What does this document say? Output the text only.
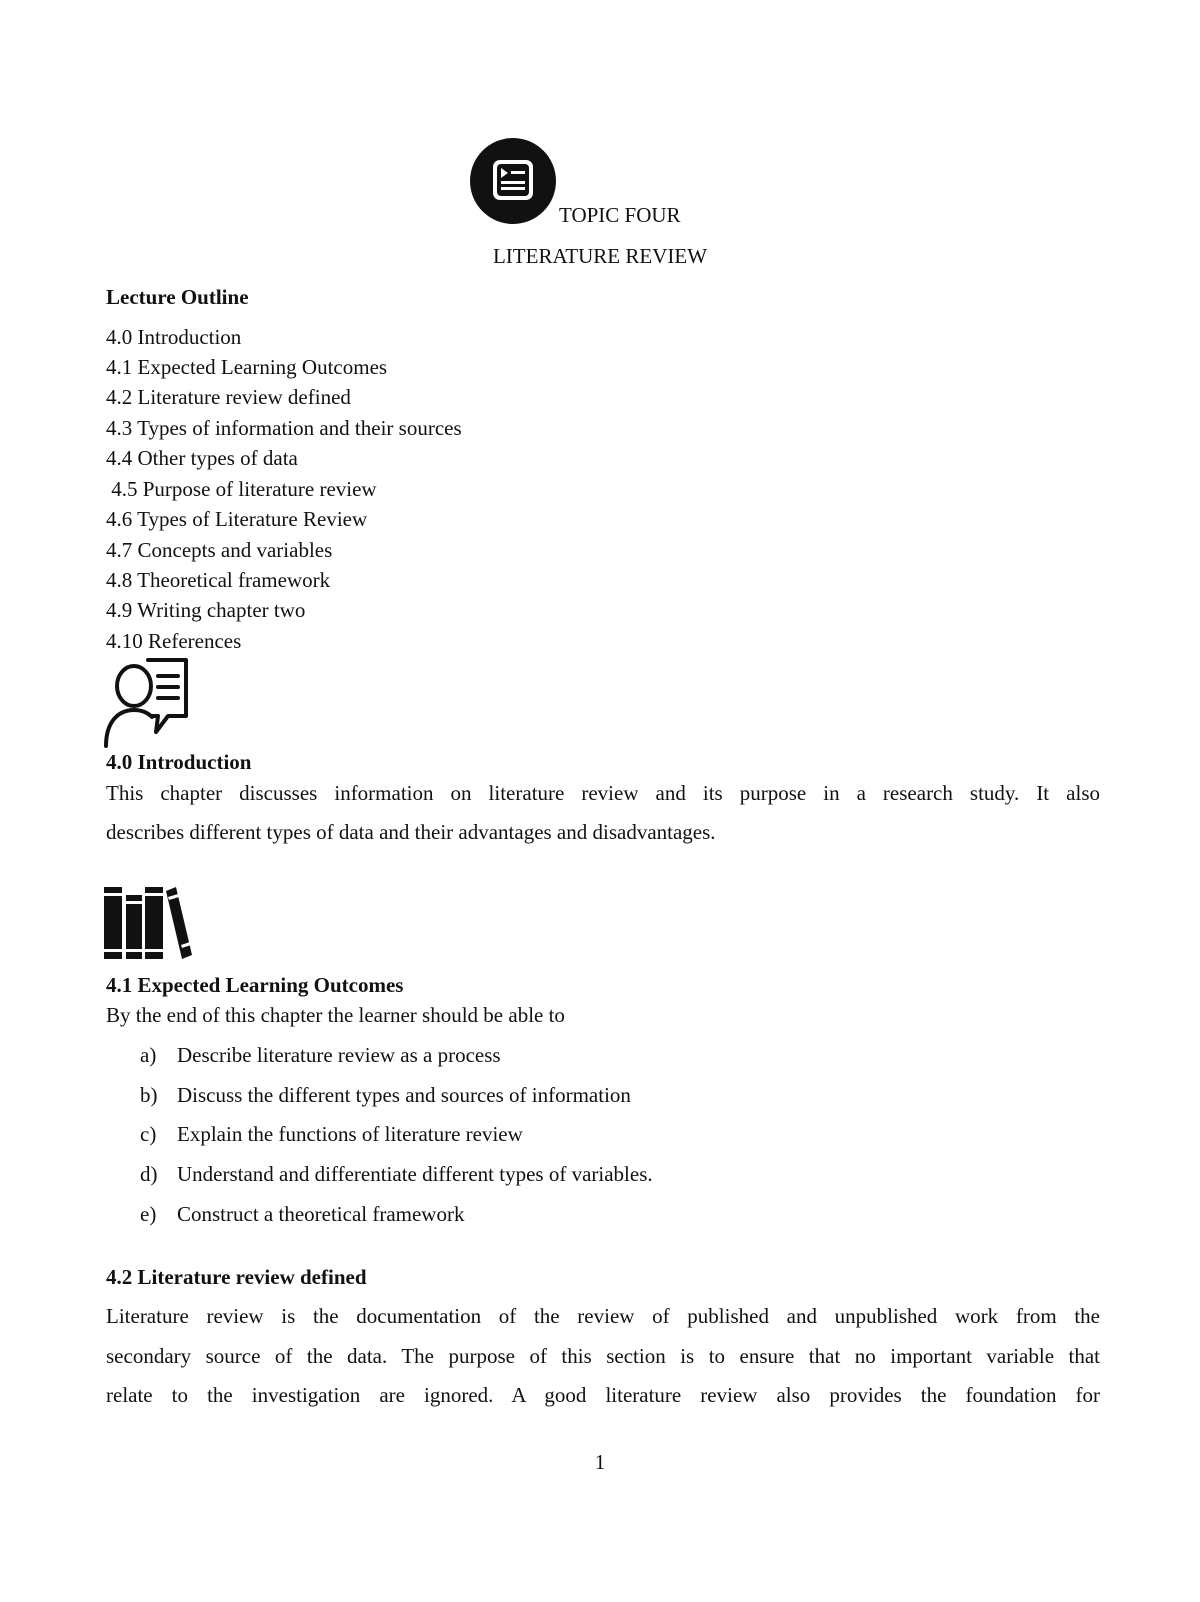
TOPIC FOUR
LITERATURE REVIEW
Lecture Outline
4.0 Introduction
4.1 Expected Learning Outcomes
4.2 Literature review defined
4.3 Types of information and their sources
4.4 Other types of data
4.5 Purpose of literature review
4.6 Types of Literature Review
4.7 Concepts and variables
4.8 Theoretical framework
4.9 Writing chapter two
4.10 References
4.0 Introduction
This chapter discusses information on literature review and its purpose in a research study. It also
describes different types of data and their advantages and disadvantages.
4.1 Expected Learning Outcomes
By the end of this chapter the learner should be able to
a) Describe literature review as a process
b) Discuss the different types and sources of information
c) Explain the functions of literature review
d) Understand and differentiate different types of variables.
e) Construct a theoretical framework
4.2 Literature review defined
Literature review is the documentation of the review of published and unpublished work from the
secondary source of the data. The purpose of this section is to ensure that no important variable that
relate to the investigation are ignored. A good literature review also provides the foundation for
1
